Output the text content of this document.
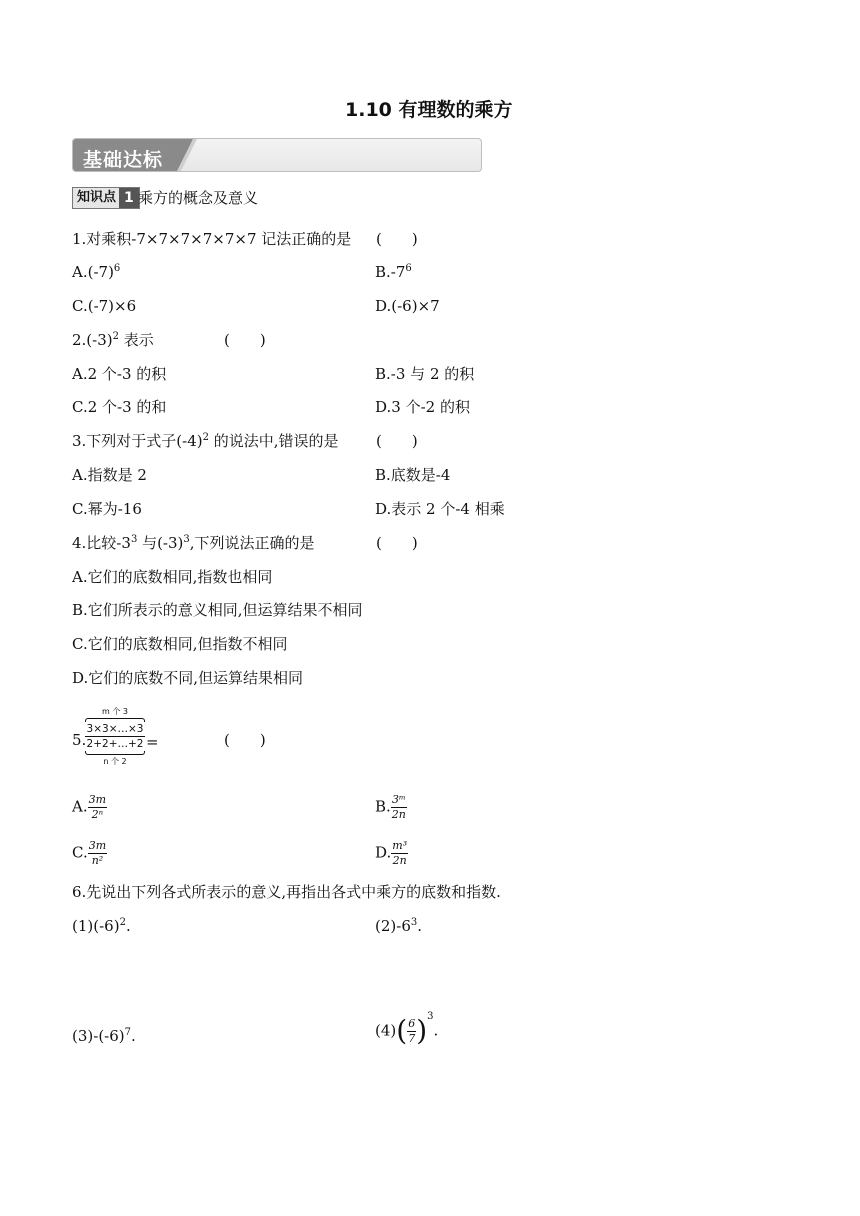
1.10 有理数的乘方
基础达标
知识点 1 乘方的概念及意义
1.对乘积-7×7×7×7×7×7 记法正确的是 (　　)
$A.(-7)^6$	$B.-7^6$
C.(-7)×6	D.(-6)×7
$2.(-3)^2$ 表示	(　　)
A.2 个-3 的积	B.-3 与 2 的积
C.2 个-3 的和	D.3 个-2 的积
3.下列对于式子$(-4)^2$ 的说法中,错误的是 (　　)
A.指数是 2	B.底数是-4
C.幂为-16	D.表示 2 个-4 相乘
4.比较$-3^3$ 与$(-3)^3$,下列说法正确的是	(　　)
A.它们的底数相同,指数也相同
B.它们所表示的意义相同,但运算结果不相同
C.它们的底数相同,但指数不相同
D.它们的底数不同,但运算结果相同
5.
m 个 3
3×3×…×3
2+2+…+2
n 个 2
=	(　　)
A. $\frac{3m}{\text{2ⁿ}}$	B. $\frac{\text{3ᵐ}}{2n}$
C. $\frac{3m}{\text{n²}}$	D. $\frac{\text{m³}}{2n}$
6.先说出下列各式所表示的意义,再指出各式中乘方的底数和指数.
$(1)(-6)^2$.	$(2)-6^3$.
$(3)-(-6)^7$.	$(4)( \frac{6}{7} )^3$.
